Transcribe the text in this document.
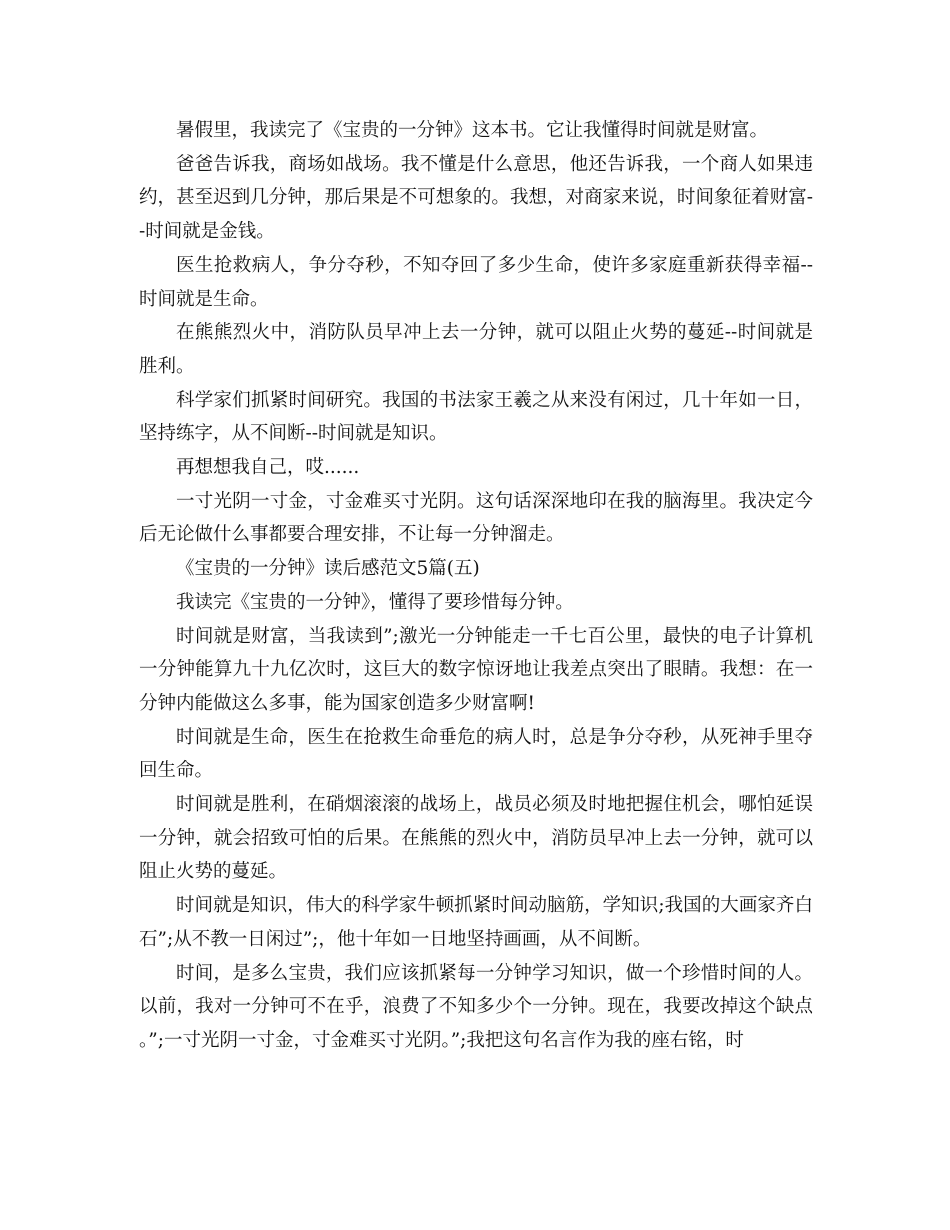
暑假里，我读完了《宝贵的一分钟》这本书。它让我懂得时间就是财富。

爸爸告诉我，商场如战场。我不懂是什么意思，他还告诉我，一个商人如果违约，甚至迟到几分钟，那后果是不可想象的。我想，对商家来说，时间象征着财富--时间就是金钱。

医生抢救病人，争分夺秒，不知夺回了多少生命，使许多家庭重新获得幸福--时间就是生命。

在熊熊烈火中，消防队员早冲上去一分钟，就可以阻止火势的蔓延--时间就是胜利。

科学家们抓紧时间研究。我国的书法家王羲之从来没有闲过，几十年如一日，坚持练字，从不间断--时间就是知识。

再想想我自己，哎......

一寸光阴一寸金，寸金难买寸光阴。这句话深深地印在我的脑海里。我决定今后无论做什么事都要合理安排，不让每一分钟溜走。

《宝贵的一分钟》读后感范文5篇(五)

我读完《宝贵的一分钟》，懂得了要珍惜每分钟。

时间就是财富，当我读到”;激光一分钟能走一千七百公里，最快的电子计算机一分钟能算九十九亿次时，这巨大的数字惊讶地让我差点突出了眼睛。我想：在一分钟内能做这么多事，能为国家创造多少财富啊!

时间就是生命，医生在抢救生命垂危的病人时，总是争分夺秒，从死神手里夺回生命。

时间就是胜利，在硝烟滚滚的战场上，战员必须及时地把握住机会，哪怕延误一分钟，就会招致可怕的后果。在熊熊的烈火中，消防员早冲上去一分钟，就可以阻止火势的蔓延。

时间就是知识，伟大的科学家牛顿抓紧时间动脑筋，学知识;我国的大画家齐白石”;从不教一日闲过”;，他十年如一日地坚持画画，从不间断。

时间，是多么宝贵，我们应该抓紧每一分钟学习知识，做一个珍惜时间的人。以前，我对一分钟可不在乎，浪费了不知多少个一分钟。现在，我要改掉这个缺点。”;一寸光阴一寸金，寸金难买寸光阴。”;我把这句名言作为我的座右铭，时
